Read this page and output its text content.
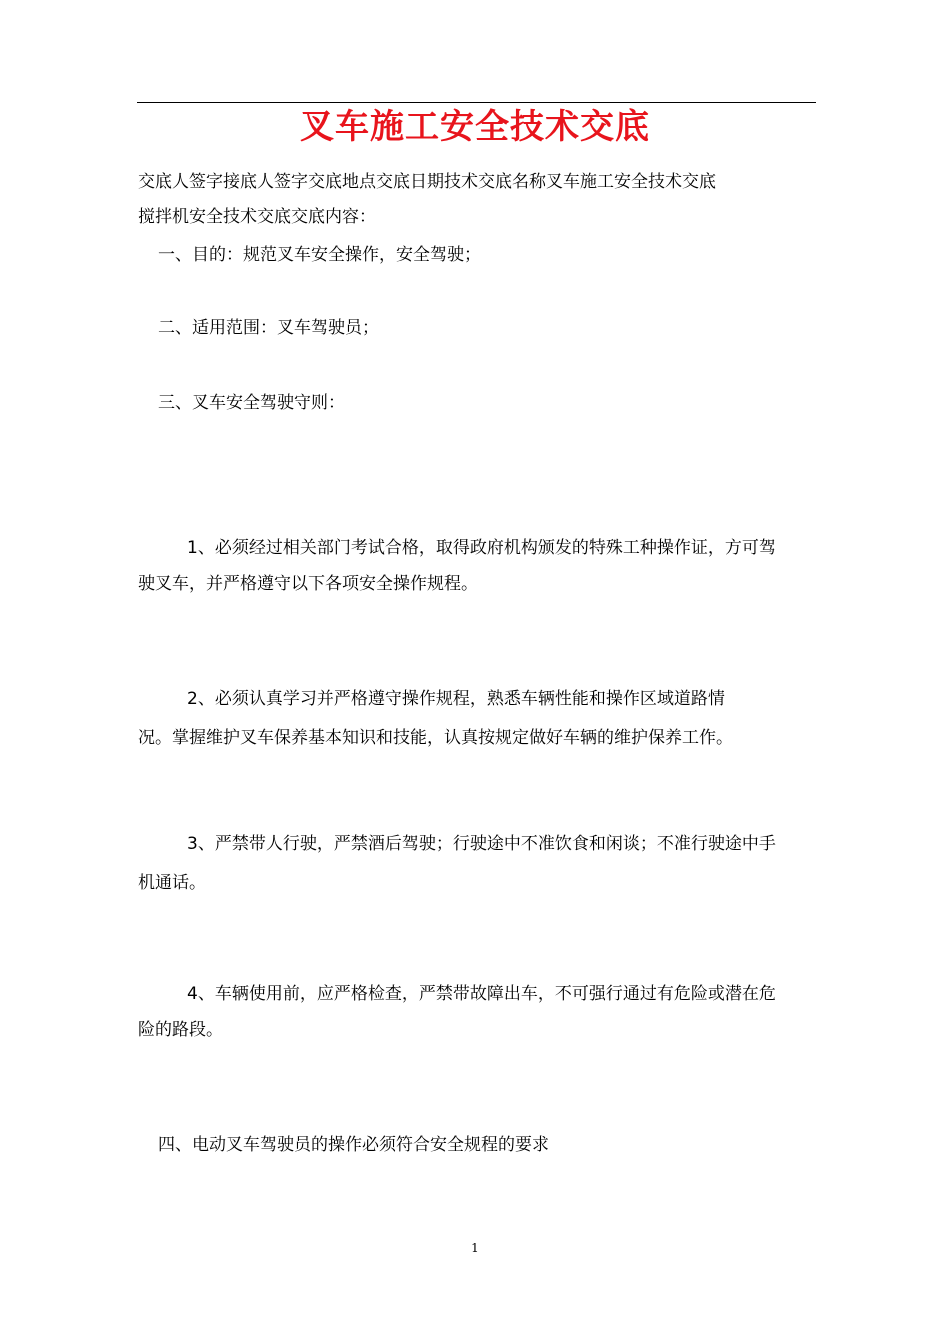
叉车施工安全技术交底
交底人签字接底人签字交底地点交底日期技术交底名称叉车施工安全技术交底
搅拌机安全技术交底交底内容：
一、目的：规范叉车安全操作，安全驾驶；
二、适用范围：叉车驾驶员；
三、叉车安全驾驶守则：
1、必须经过相关部门考试合格，取得政府机构颁发的特殊工种操作证，方可驾
驶叉车，并严格遵守以下各项安全操作规程。
2、必须认真学习并严格遵守操作规程，熟悉车辆性能和操作区域道路情
况。掌握维护叉车保养基本知识和技能，认真按规定做好车辆的维护保养工作。
3、严禁带人行驶，严禁酒后驾驶；行驶途中不准饮食和闲谈；不准行驶途中手
机通话。
4、车辆使用前，应严格检查，严禁带故障出车，不可强行通过有危险或潜在危
险的路段。
四、电动叉车驾驶员的操作必须符合安全规程的要求
1
